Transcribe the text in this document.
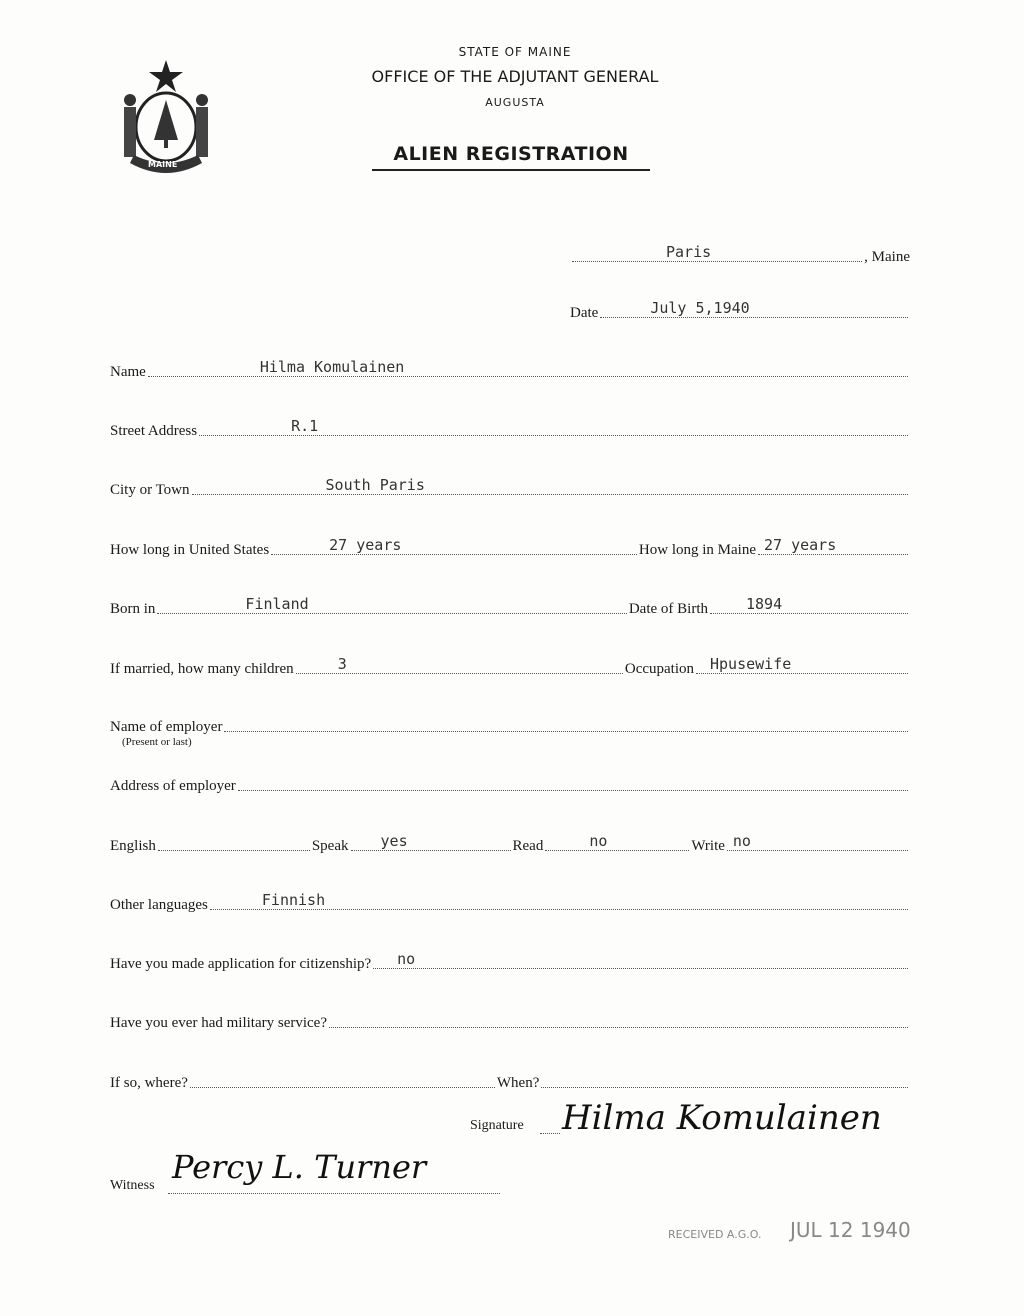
MAINE
STATE OF MAINE
OFFICE OF THE ADJUTANT GENERAL
AUGUSTA
ALIEN REGISTRATION
Paris	, Maine
Date	July 5,1940
Name	Hilma Komulainen
Street Address	R.1
City or Town	South Paris
How long in United States	27 years	How long in Maine 27 years
Born in	Finland	Date of Birth	1894
If married, how many children	3	Occupation Hpusewife
Name of employer
(Present or last)
Address of employer
English	Speak yes	Read	no	Write no
Other languages	Finnish
Have you made application for citizenship? no
Have you ever had military service?
If so, where?	When?
Signature Hilma Komulainen
Witness Percy L. Turner
RECEIVED A.G.O. JUL 12 1940
